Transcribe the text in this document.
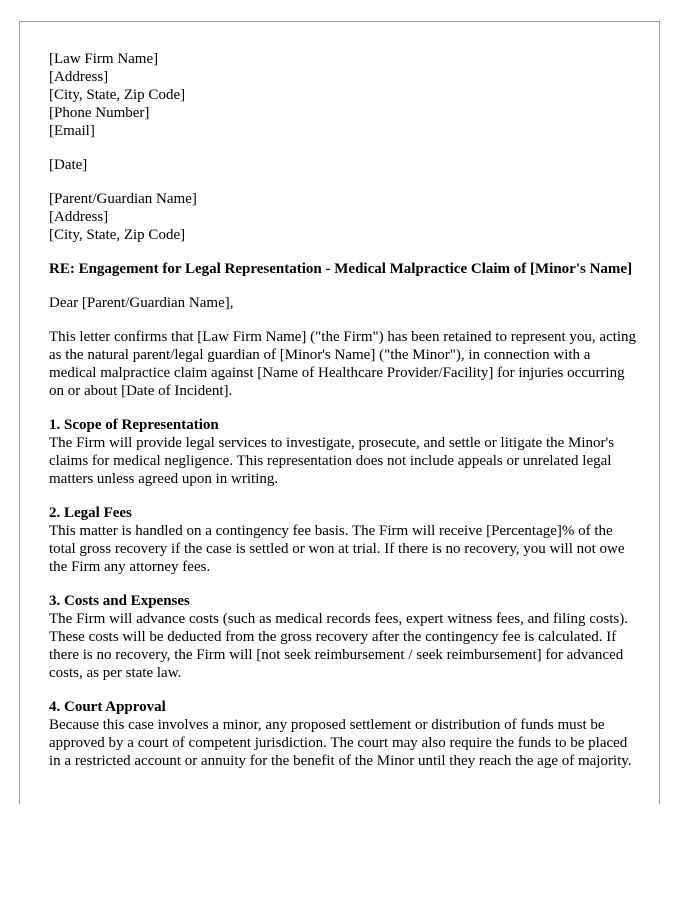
[Law Firm Name]
[Address]
[City, State, Zip Code]
[Phone Number]
[Email]
[Date]
[Parent/Guardian Name]
[Address]
[City, State, Zip Code]

RE: Engagement for Legal Representation - Medical Malpractice Claim of [Minor's Name]

Dear [Parent/Guardian Name],

This letter confirms that [Law Firm Name] ("the Firm") has been retained to represent you, acting as the natural parent/legal guardian of [Minor's Name] ("the Minor"), in connection with a medical malpractice claim against [Name of Healthcare Provider/Facility] for injuries occurring on or about [Date of Incident].

1. Scope of Representation
The Firm will provide legal services to investigate, prosecute, and settle or litigate the Minor's claims for medical negligence. This representation does not include appeals or unrelated legal matters unless agreed upon in writing.

2. Legal Fees
This matter is handled on a contingency fee basis. The Firm will receive [Percentage]% of the total gross recovery if the case is settled or won at trial. If there is no recovery, you will not owe the Firm any attorney fees.

3. Costs and Expenses
The Firm will advance costs (such as medical records fees, expert witness fees, and filing costs). These costs will be deducted from the gross recovery after the contingency fee is calculated. If there is no recovery, the Firm will [not seek reimbursement / seek reimbursement] for advanced costs, as per state law.

4. Court Approval
Because this case involves a minor, any proposed settlement or distribution of funds must be approved by a court of competent jurisdiction. The court may also require the funds to be placed in a restricted account or annuity for the benefit of the Minor until they reach the age of majority.
